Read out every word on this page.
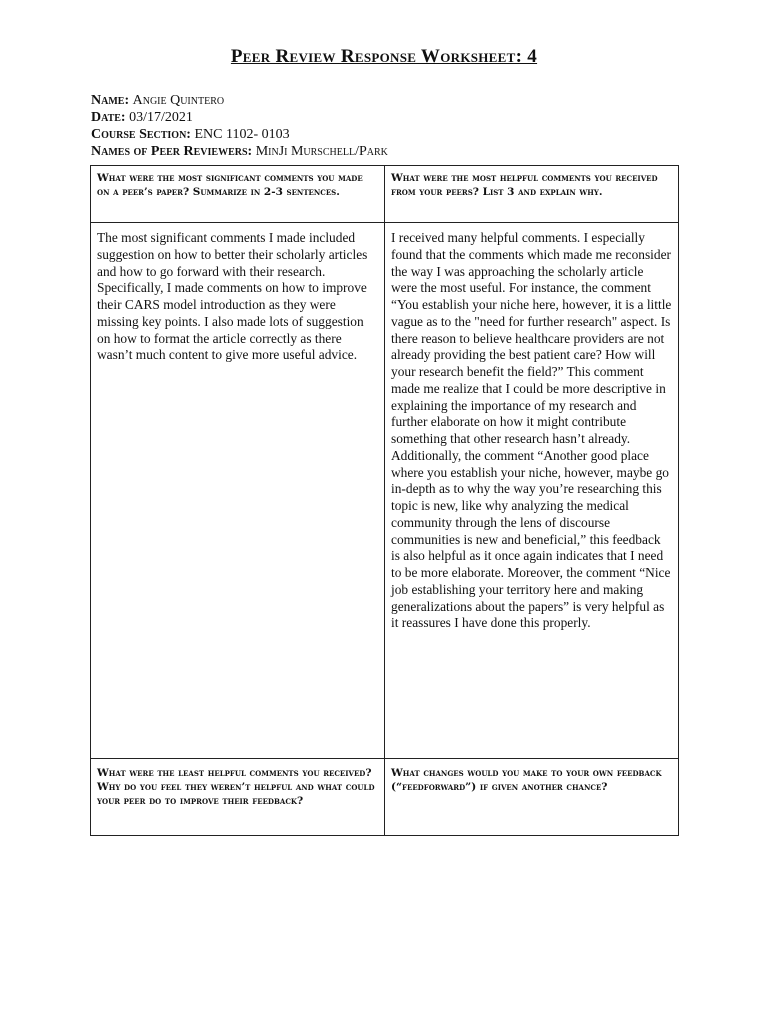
Peer Review Response Worksheet: 4
Name: Angie Quintero
Date: 03/17/2021
Course Section: ENC 1102- 0103
Names of Peer Reviewers: MinJi Murschell/Park
What were the most significant comments you made on a peer’s paper? Summarize in 2-3 sentences.
What were the most helpful comments you received from your peers? List 3 and explain why.
The most significant comments I made included suggestion on how to better their scholarly articles and how to go forward with their research. Specifically, I made comments on how to improve their CARS model introduction as they were missing key points. I also made lots of suggestion on how to format the article correctly as there wasn’t much content to give more useful advice.
I received many helpful comments. I especially found that the comments which made me reconsider the way I was approaching the scholarly article were the most useful. For instance, the comment “You establish your niche here, however, it is a little vague as to the "need for further research" aspect. Is there reason to believe healthcare providers are not already providing the best patient care? How will your research benefit the field?” This comment made me realize that I could be more descriptive in explaining the importance of my research and further elaborate on how it might contribute something that other research hasn’t already.
Additionally, the comment “Another good place where you establish your niche, however, maybe go in-depth as to why the way you’re researching this topic is new, like why analyzing the medical community through the lens of discourse communities is new and beneficial,” this feedback is also helpful as it once again indicates that I need to be more elaborate. Moreover, the comment “Nice job establishing your territory here and making generalizations about the papers” is very helpful as it reassures I have done this properly.
What were the least helpful comments you received? Why do you feel they weren’t helpful and what could your peer do to improve their feedback?
What changes would you make to your own feedback (“feedforward”) if given another chance?
